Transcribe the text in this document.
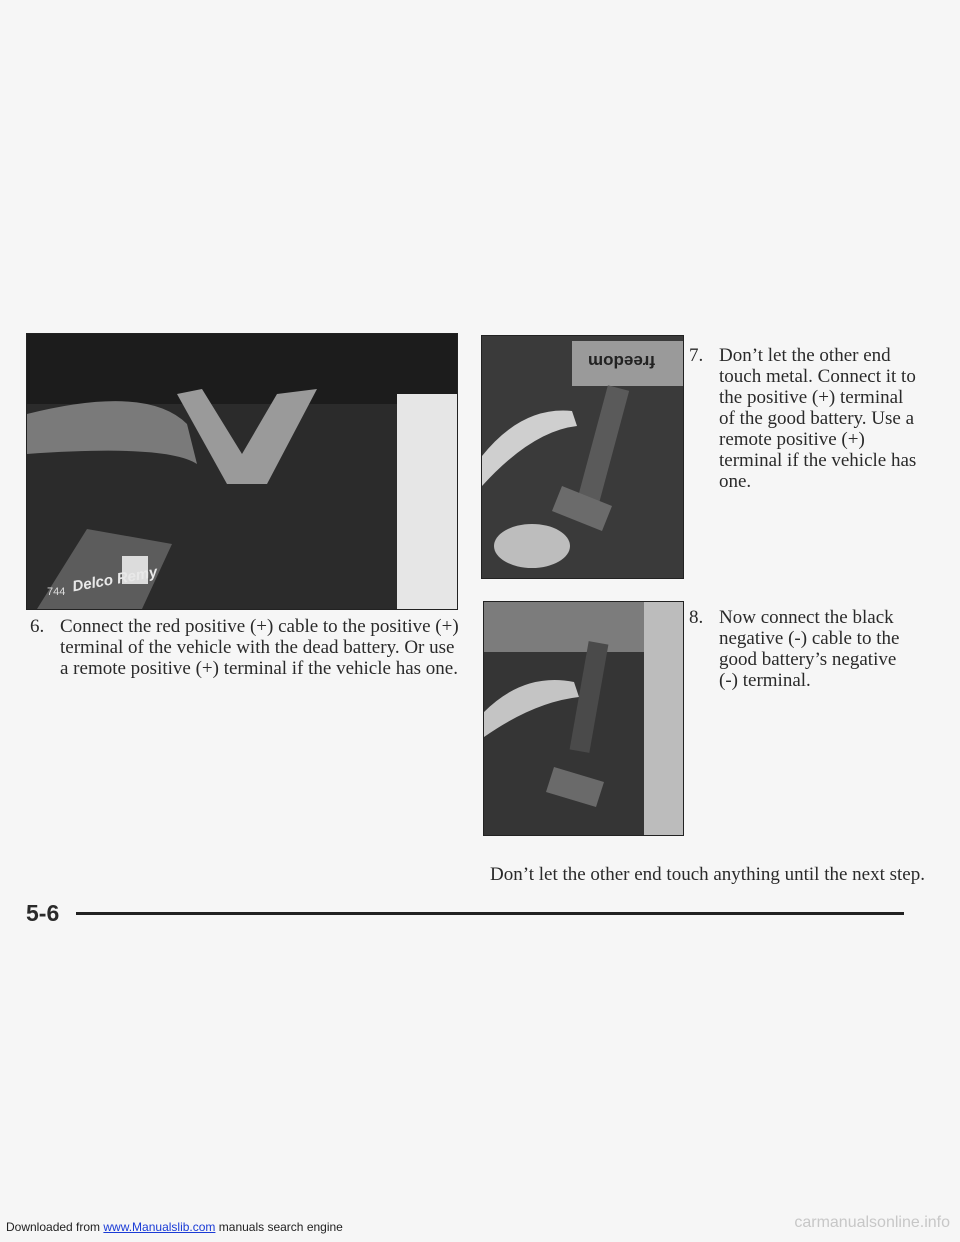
744 Delco Remy
ɯopəəɹɟ
6. Connect the red positive (+) cable to the positive (+) terminal of the vehicle with the dead battery. Or use a remote positive (+) terminal if the vehicle has one.
7. Don’t let the other end touch metal. Connect it to the positive (+) terminal of the good battery. Use a remote positive (+) terminal if the vehicle has one.
8. Now connect the black negative (-) cable to the good battery’s negative (-) terminal.
Don’t let the other end touch anything until the next step.
5-6
Downloaded from www.Manualslib.com manuals search engine	carmanualsonline.info
